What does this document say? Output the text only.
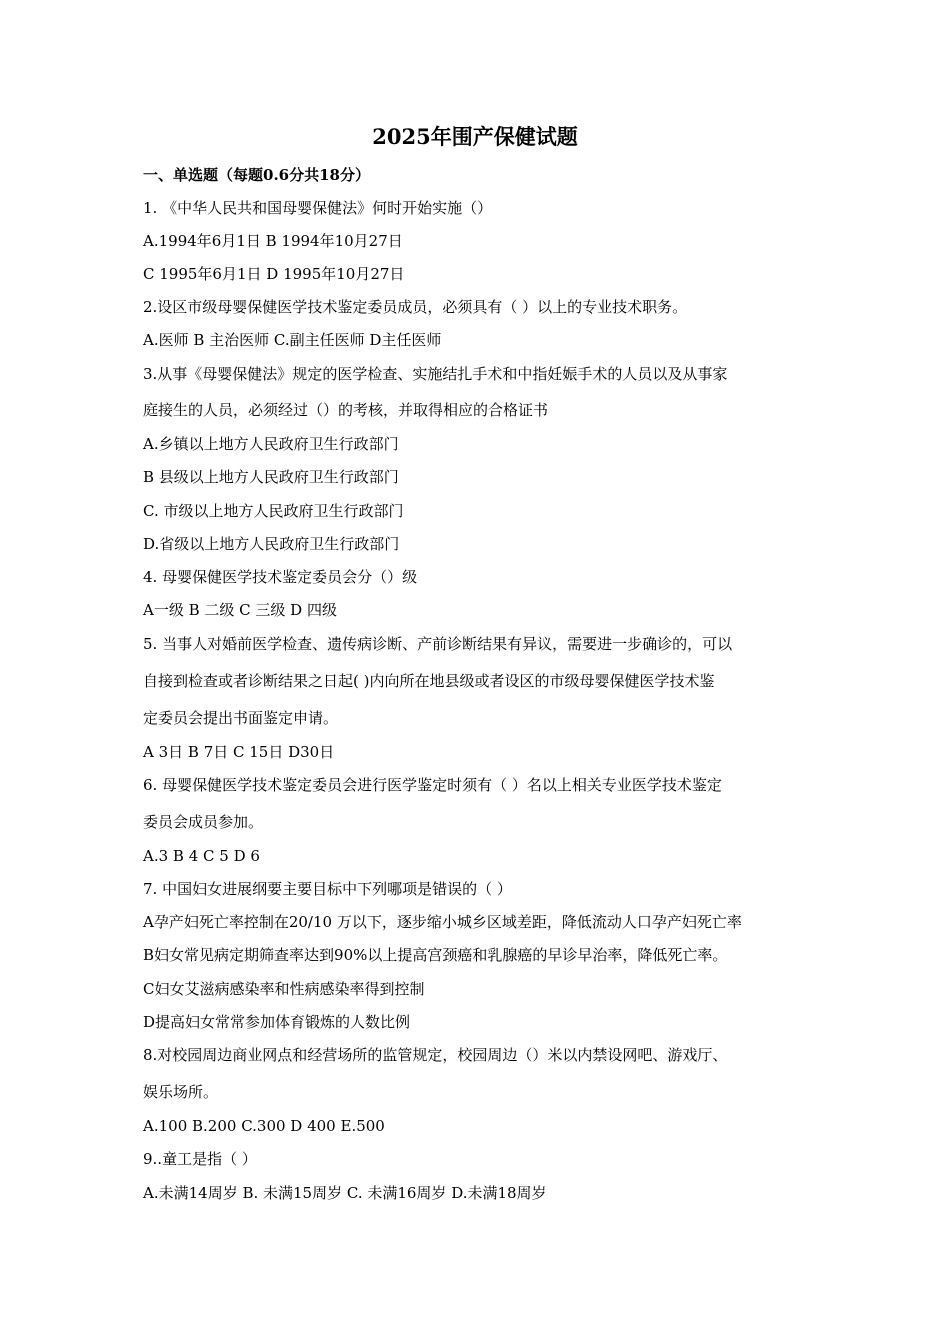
2025年围产保健试题
一、单选题（每题0.6分共18分）
1. 《中华人民共和国母婴保健法》何时开始实施（）
A.1994年6月1日 B 1994年10月27日
C 1995年6月1日 D 1995年10月27日
2.设区市级母婴保健医学技术鉴定委员成员，必须具有（ ）以上的专业技术职务。
A.医师 B 主治医师 C.副主任医师 D主任医师
3.从事《母婴保健法》规定的医学检查、实施结扎手术和中指妊娠手术的人员以及从事家
庭接生的人员，必须经过（）的考核，并取得相应的合格证书
A.乡镇以上地方人民政府卫生行政部门
B 县级以上地方人民政府卫生行政部门
C. 市级以上地方人民政府卫生行政部门
D.省级以上地方人民政府卫生行政部门
4. 母婴保健医学技术鉴定委员会分（）级
A一级 B 二级 C 三级 D 四级
5. 当事人对婚前医学检查、遗传病诊断、产前诊断结果有异议，需要进一步确诊的，可以
自接到检查或者诊断结果之日起( )内向所在地县级或者设区的市级母婴保健医学技术鉴
定委员会提出书面鉴定申请。
A 3日 B 7日 C 15日 D30日
6. 母婴保健医学技术鉴定委员会进行医学鉴定时须有（ ）名以上相关专业医学技术鉴定
委员会成员参加。
A.3 B 4 C 5 D 6
7. 中国妇女进展纲要主要目标中下列哪项是错误的（ ）
A孕产妇死亡率控制在20/10 万以下，逐步缩小城乡区域差距，降低流动人口孕产妇死亡率
B妇女常见病定期筛查率达到90%以上提高宫颈癌和乳腺癌的早诊早治率，降低死亡率。
C妇女艾滋病感染率和性病感染率得到控制
D提高妇女常常参加体育锻炼的人数比例
8.对校园周边商业网点和经营场所的监管规定，校园周边（）米以内禁设网吧、游戏厅、
娱乐场所。
A.100 B.200 C.300 D 400 E.500
9..童工是指（ ）
A.未满14周岁 B. 未满15周岁 C. 未满16周岁 D.未满18周岁
